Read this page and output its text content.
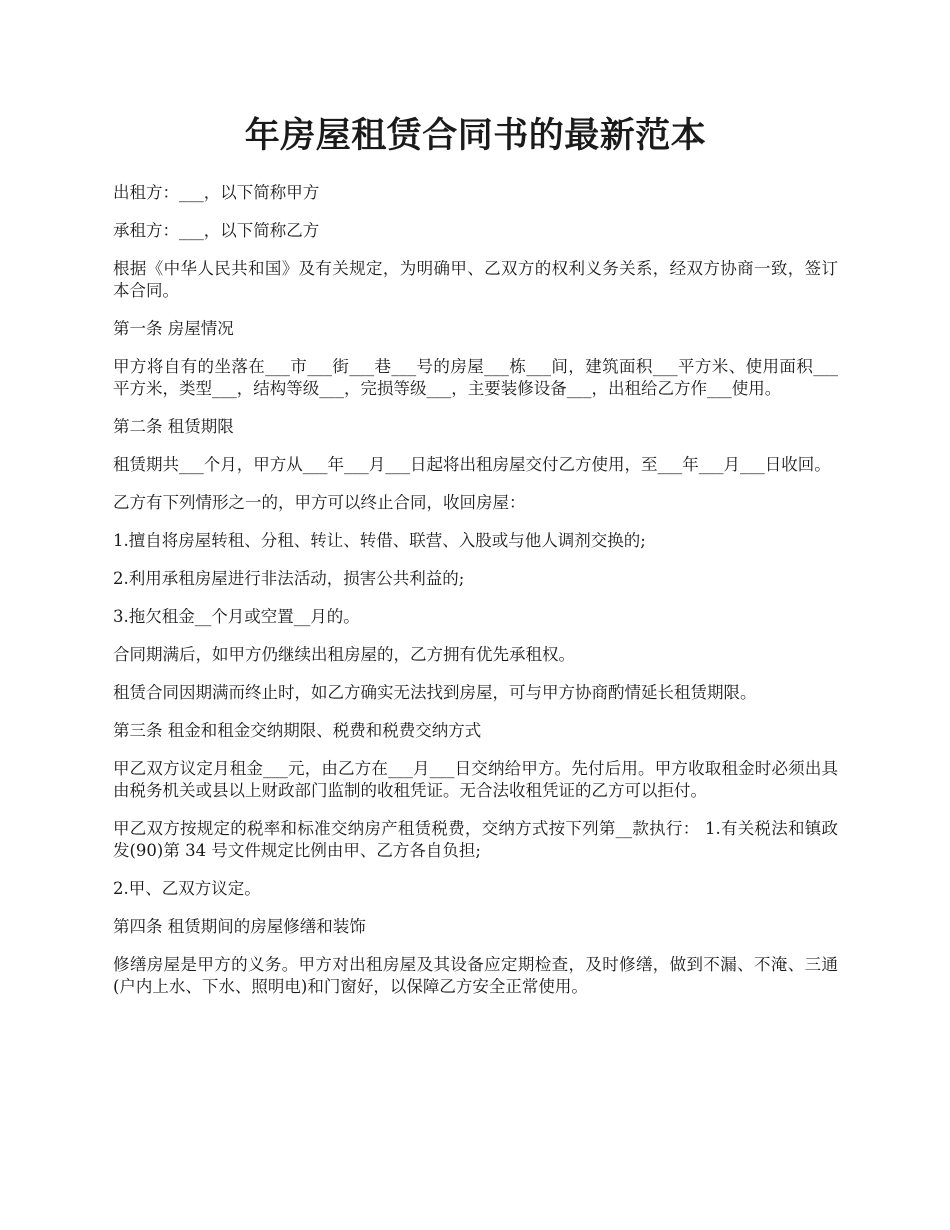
年房屋租赁合同书的最新范本

出租方：___，以下简称甲方

承租方：___，以下简称乙方

根据《中华人民共和国》及有关规定，为明确甲、乙双方的权利义务关系，经双方协商一致，签订本合同。

第一条 房屋情况

甲方将自有的坐落在___市___街___巷___号的房屋___栋___间，建筑面积___平方米、使用面积___平方米，类型___，结构等级___，完损等级___，主要装修设备___，出租给乙方作___使用。

第二条 租赁期限

租赁期共___个月，甲方从___年___月___日起将出租房屋交付乙方使用，至___年___月___日收回。

乙方有下列情形之一的，甲方可以终止合同，收回房屋：

1.擅自将房屋转租、分租、转让、转借、联营、入股或与他人调剂交换的;

2.利用承租房屋进行非法活动，损害公共利益的;

3.拖欠租金__个月或空置__月的。

合同期满后，如甲方仍继续出租房屋的，乙方拥有优先承租权。

租赁合同因期满而终止时，如乙方确实无法找到房屋，可与甲方协商酌情延长租赁期限。

第三条 租金和租金交纳期限、税费和税费交纳方式

甲乙双方议定月租金___元，由乙方在___月___日交纳给甲方。先付后用。甲方收取租金时必须出具由税务机关或县以上财政部门监制的收租凭证。无合法收租凭证的乙方可以拒付。

甲乙双方按规定的税率和标准交纳房产租赁税费，交纳方式按下列第__款执行： 1.有关税法和镇政发(90)第 34 号文件规定比例由甲、乙方各自负担;

2.甲、乙双方议定。

第四条 租赁期间的房屋修缮和装饰

修缮房屋是甲方的义务。甲方对出租房屋及其设备应定期检查，及时修缮，做到不漏、不淹、三通(户内上水、下水、照明电)和门窗好，以保障乙方安全正常使用。
